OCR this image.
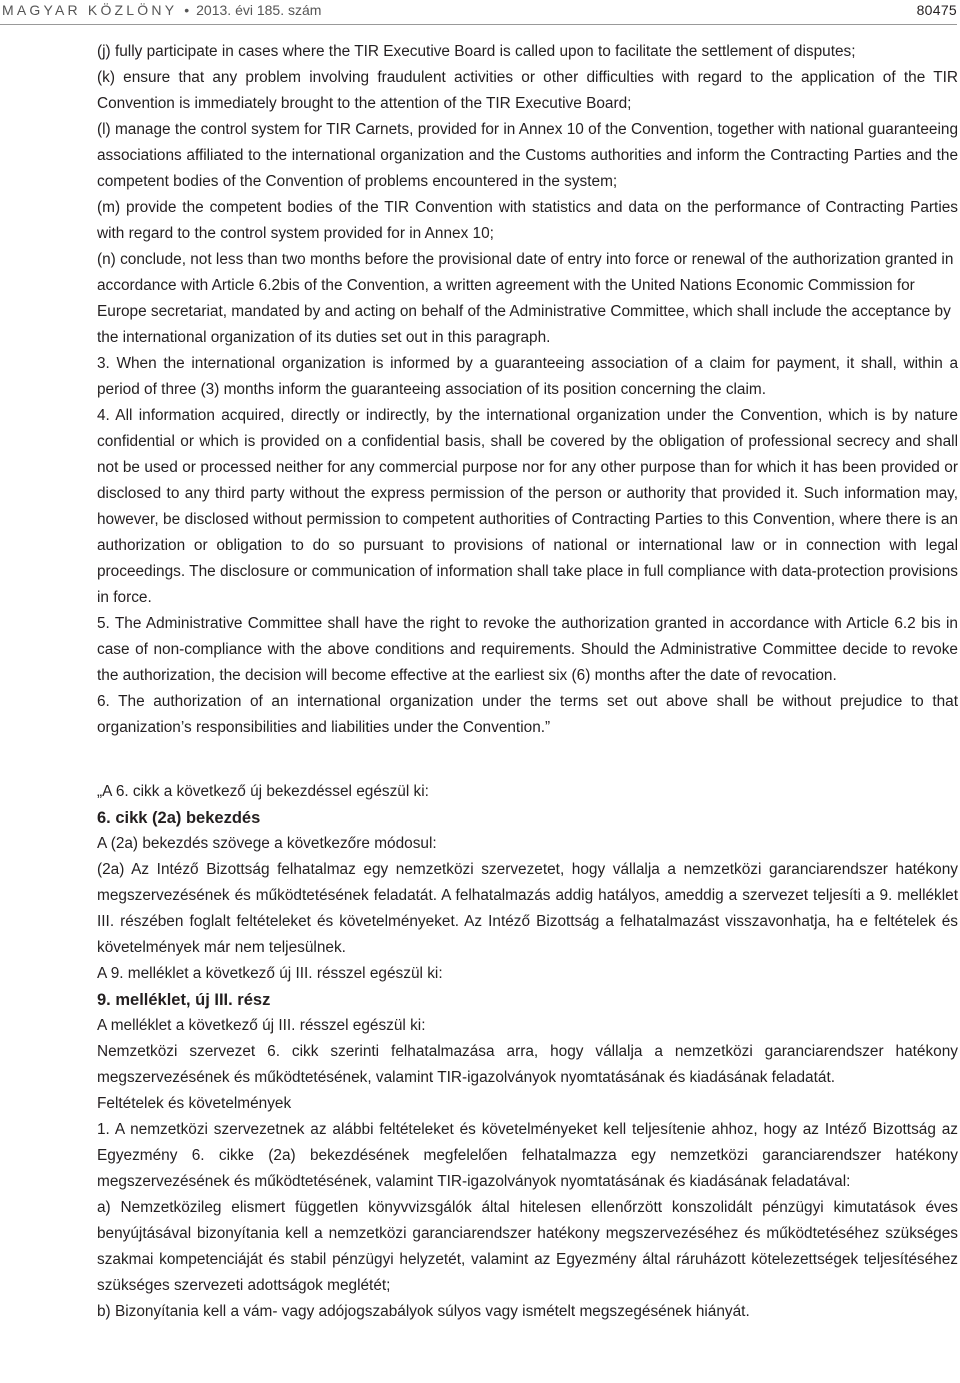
MAGYAR KÖZLÖNY • 2013. évi 185. szám	80475

(j) fully participate in cases where the TIR Executive Board is called upon to facilitate the settlement of disputes;

(k) ensure that any problem involving fraudulent activities or other difficulties with regard to the application of the TIR Convention is immediately brought to the attention of the TIR Executive Board;

(l) manage the control system for TIR Carnets, provided for in Annex 10 of the Convention, together with national guaranteeing associations affiliated to the international organization and the Customs authorities and inform the Contracting Parties and the competent bodies of the Convention of problems encountered in the system;

(m) provide the competent bodies of the TIR Convention with statistics and data on the performance of Contracting Parties with regard to the control system provided for in Annex 10;

(n) conclude, not less than two months before the provisional date of entry into force or renewal of the authorization granted in accordance with Article 6.2bis of the Convention, a written agreement with the United Nations Economic Commission for Europe secretariat, mandated by and acting on behalf of the Administrative Committee, which shall include the acceptance by the international organization of its duties set out in this paragraph.

3. When the international organization is informed by a guaranteeing association of a claim for payment, it shall, within a period of three (3) months inform the guaranteeing association of its position concerning the claim.

4. All information acquired, directly or indirectly, by the international organization under the Convention, which is by nature confidential or which is provided on a confidential basis, shall be covered by the obligation of professional secrecy and shall not be used or processed neither for any commercial purpose nor for any other purpose than for which it has been provided or disclosed to any third party without the express permission of the person or authority that provided it. Such information may, however, be disclosed without permission to competent authorities of Contracting Parties to this Convention, where there is an authorization or obligation to do so pursuant to provisions of national or international law or in connection with legal proceedings. The disclosure or communication of information shall take place in full compliance with data-protection provisions in force.

5. The Administrative Committee shall have the right to revoke the authorization granted in accordance with Article 6.2 bis in case of non-compliance with the above conditions and requirements. Should the Administrative Committee decide to revoke the authorization, the decision will become effective at the earliest six (6) months after the date of revocation.

6. The authorization of an international organization under the terms set out above shall be without prejudice to that organization’s responsibilities and liabilities under the Convention.”

„A 6. cikk a következő új bekezdéssel egészül ki:

6. cikk (2a) bekezdés

A (2a) bekezdés szövege a következőre módosul:

(2a) Az Intéző Bizottság felhatalmaz egy nemzetközi szervezetet, hogy vállalja a nemzetközi garanciarendszer hatékony megszervezésének és működtetésének feladatát. A felhatalmazás addig hatályos, ameddig a szervezet teljesíti a 9. melléklet III. részében foglalt feltételeket és követelményeket. Az Intéző Bizottság a felhatalmazást visszavonhatja, ha e feltételek és követelmények már nem teljesülnek.

A 9. melléklet a következő új III. résszel egészül ki:

9. melléklet, új III. rész

A melléklet a következő új III. résszel egészül ki:

Nemzetközi szervezet 6. cikk szerinti felhatalmazása arra, hogy vállalja a nemzetközi garanciarendszer hatékony megszervezésének és működtetésének, valamint TIR-igazolványok nyomtatásának és kiadásának feladatát.

Feltételek és követelmények

1. A nemzetközi szervezetnek az alábbi feltételeket és követelményeket kell teljesítenie ahhoz, hogy az Intéző Bizottság az Egyezmény 6. cikke (2a) bekezdésének megfelelően felhatalmazza egy nemzetközi garanciarendszer hatékony megszervezésének és működtetésének, valamint TIR-igazolványok nyomtatásának és kiadásának feladatával:

a) Nemzetközileg elismert független könyvvizsgálók által hitelesen ellenőrzött konszolidált pénzügyi kimutatások éves benyújtásával bizonyítania kell a nemzetközi garanciarendszer hatékony megszervezéséhez és működtetéséhez szükséges szakmai kompetenciáját és stabil pénzügyi helyzetét, valamint az Egyezmény által ráruházott kötelezettségek teljesítéséhez szükséges szervezeti adottságok meglétét;

b) Bizonyítania kell a vám- vagy adójogszabályok súlyos vagy ismételt megszegésének hiányát.
